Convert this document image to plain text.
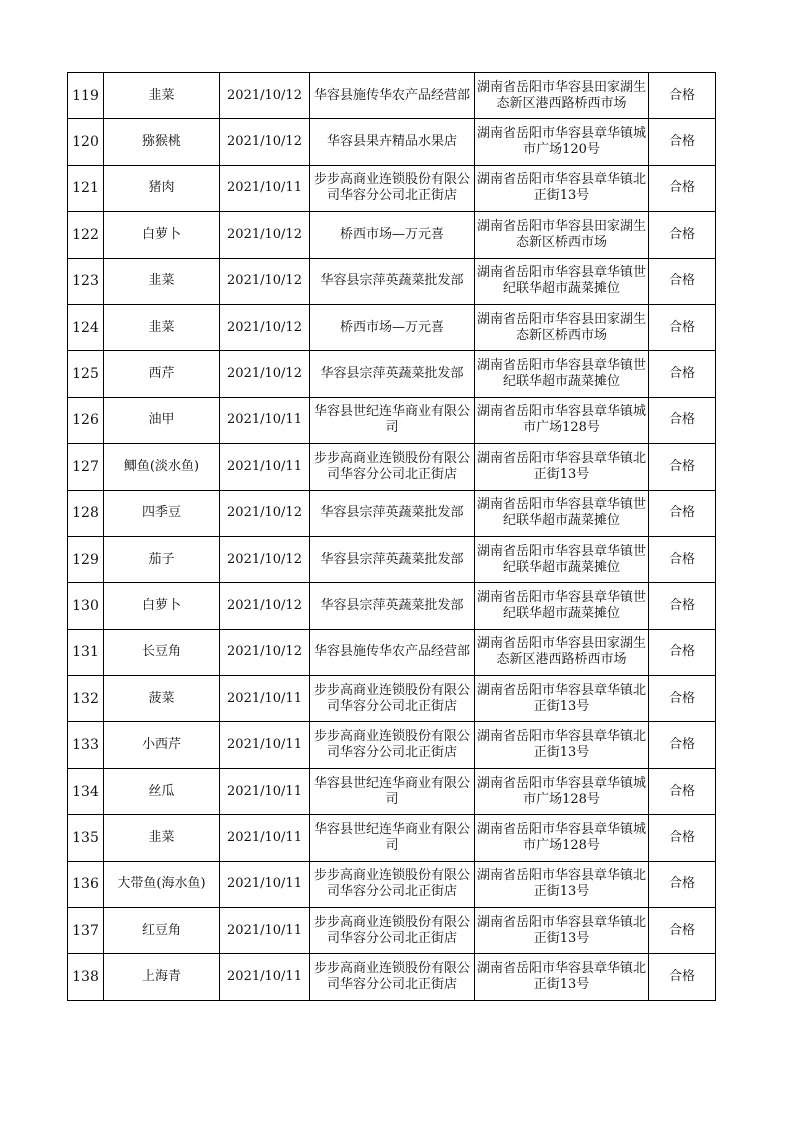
119	韭菜	2021/10/12	华容县施传华农产品经营部	湖南省岳阳市华容县田家湖生态新区港西路桥西市场	合格
120	猕猴桃	2021/10/12	华容县果卉精品水果店	湖南省岳阳市华容县章华镇城市广场120号	合格
121	猪肉	2021/10/11	步步高商业连锁股份有限公司华容分公司北正街店	湖南省岳阳市华容县章华镇北正街13号	合格
122	白萝卜	2021/10/12	桥西市场—万元喜	湖南省岳阳市华容县田家湖生态新区桥西市场	合格
123	韭菜	2021/10/12	华容县宗萍英蔬菜批发部	湖南省岳阳市华容县章华镇世纪联华超市蔬菜摊位	合格
124	韭菜	2021/10/12	桥西市场—万元喜	湖南省岳阳市华容县田家湖生态新区桥西市场	合格
125	西芹	2021/10/12	华容县宗萍英蔬菜批发部	湖南省岳阳市华容县章华镇世纪联华超市蔬菜摊位	合格
126	油甲	2021/10/11	华容县世纪连华商业有限公司	湖南省岳阳市华容县章华镇城市广场128号	合格
127	鲫鱼(淡水鱼)	2021/10/11	步步高商业连锁股份有限公司华容分公司北正街店	湖南省岳阳市华容县章华镇北正街13号	合格
128	四季豆	2021/10/12	华容县宗萍英蔬菜批发部	湖南省岳阳市华容县章华镇世纪联华超市蔬菜摊位	合格
129	茄子	2021/10/12	华容县宗萍英蔬菜批发部	湖南省岳阳市华容县章华镇世纪联华超市蔬菜摊位	合格
130	白萝卜	2021/10/12	华容县宗萍英蔬菜批发部	湖南省岳阳市华容县章华镇世纪联华超市蔬菜摊位	合格
131	长豆角	2021/10/12	华容县施传华农产品经营部	湖南省岳阳市华容县田家湖生态新区港西路桥西市场	合格
132	菠菜	2021/10/11	步步高商业连锁股份有限公司华容分公司北正街店	湖南省岳阳市华容县章华镇北正街13号	合格
133	小西芹	2021/10/11	步步高商业连锁股份有限公司华容分公司北正街店	湖南省岳阳市华容县章华镇北正街13号	合格
134	丝瓜	2021/10/11	华容县世纪连华商业有限公司	湖南省岳阳市华容县章华镇城市广场128号	合格
135	韭菜	2021/10/11	华容县世纪连华商业有限公司	湖南省岳阳市华容县章华镇城市广场128号	合格
136	大带鱼(海水鱼)	2021/10/11	步步高商业连锁股份有限公司华容分公司北正街店	湖南省岳阳市华容县章华镇北正街13号	合格
137	红豆角	2021/10/11	步步高商业连锁股份有限公司华容分公司北正街店	湖南省岳阳市华容县章华镇北正街13号	合格
138	上海青	2021/10/11	步步高商业连锁股份有限公司华容分公司北正街店	湖南省岳阳市华容县章华镇北正街13号	合格
